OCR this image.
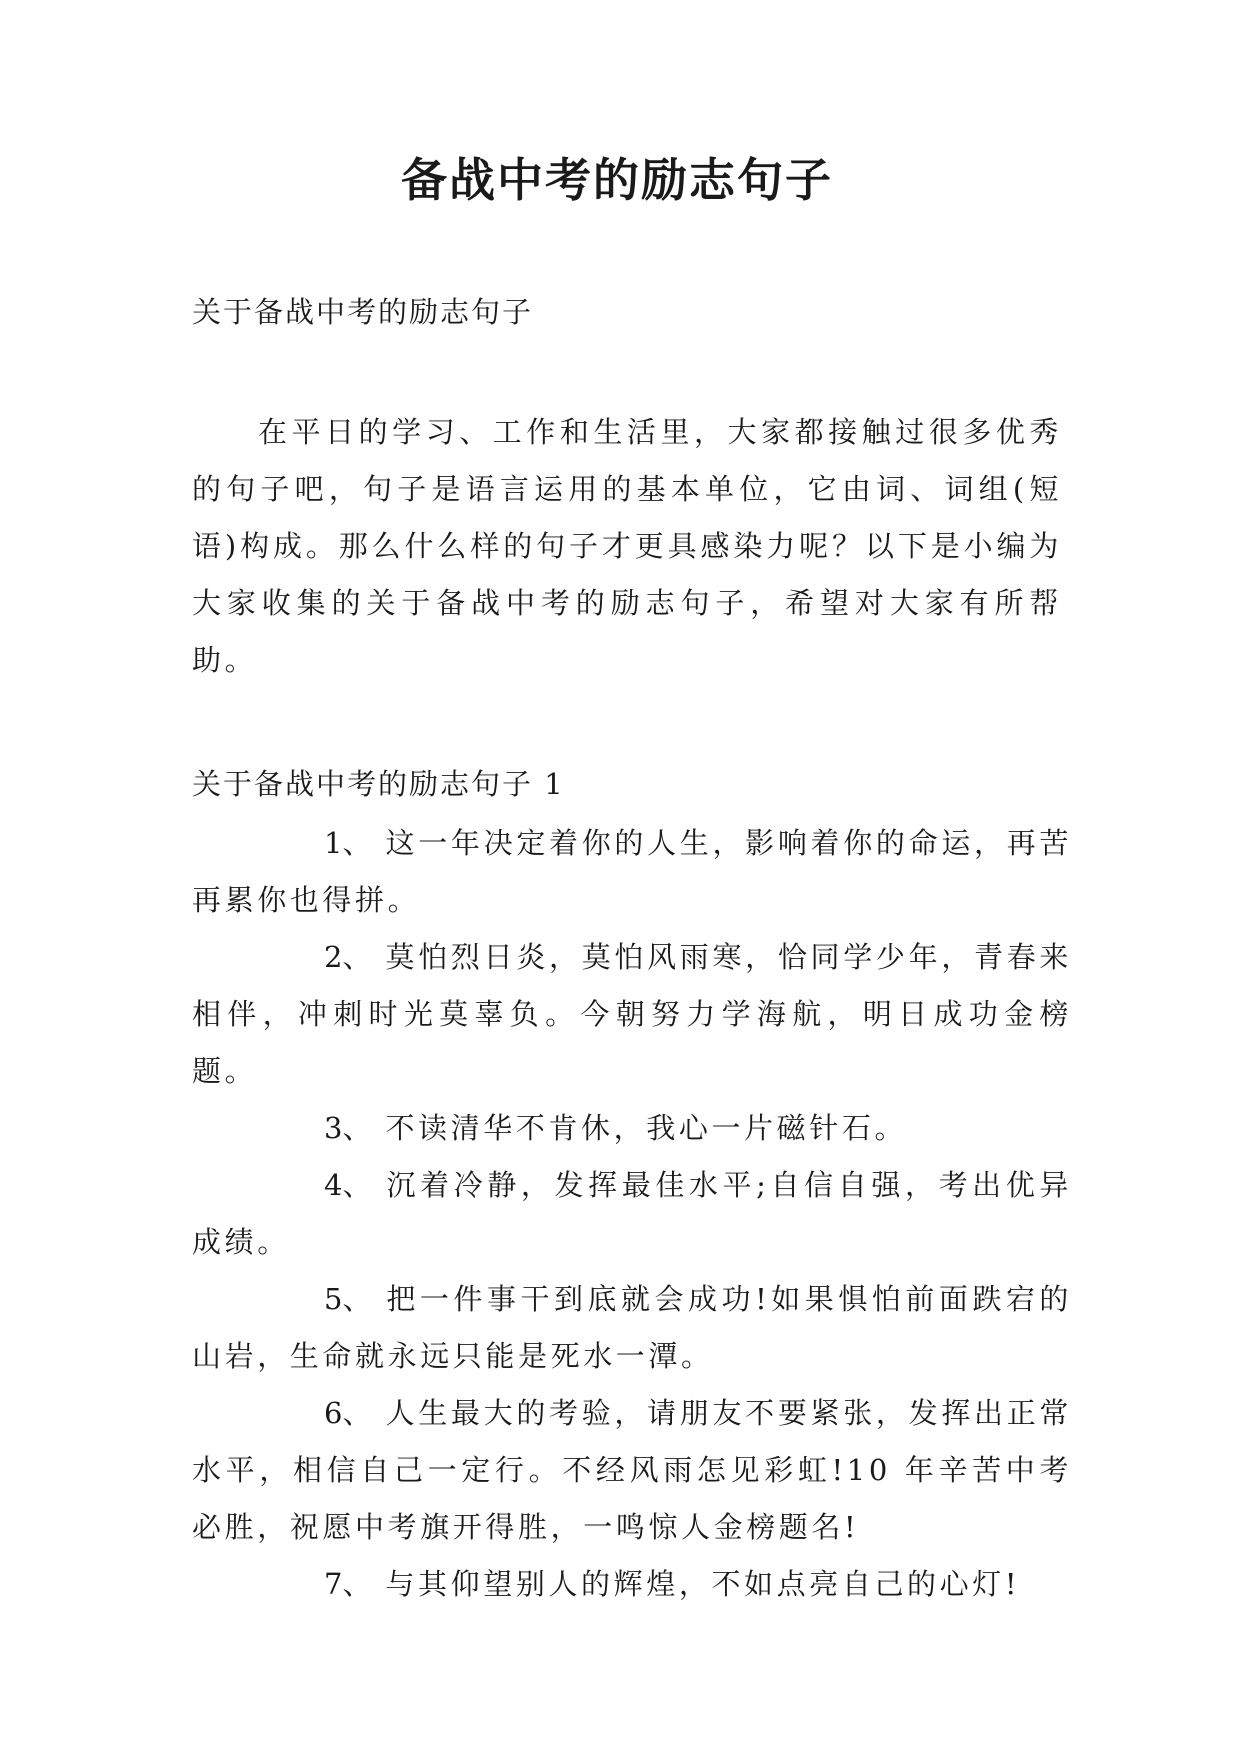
备战中考的励志句子
关于备战中考的励志句子

在平日的学习、工作和生活里，大家都接触过很多优秀的句子吧，句子是语言运用的基本单位，它由词、词组(短语)构成。那么什么样的句子才更具感染力呢？以下是小编为大家收集的关于备战中考的励志句子，希望对大家有所帮助。

关于备战中考的励志句子 1
1、 这一年决定着你的人生，影响着你的命运，再苦再累你也得拼。
2、 莫怕烈日炎，莫怕风雨寒，恰同学少年，青春来相伴，冲刺时光莫辜负。今朝努力学海航，明日成功金榜题。
3、 不读清华不肯休，我心一片磁针石。
4、 沉着冷静，发挥最佳水平;自信自强，考出优异成绩。
5、 把一件事干到底就会成功!如果惧怕前面跌宕的山岩，生命就永远只能是死水一潭。
6、 人生最大的考验，请朋友不要紧张，发挥出正常水平，相信自己一定行。不经风雨怎见彩虹!10 年辛苦中考必胜，祝愿中考旗开得胜，一鸣惊人金榜题名!
7、 与其仰望别人的辉煌，不如点亮自己的心灯!
